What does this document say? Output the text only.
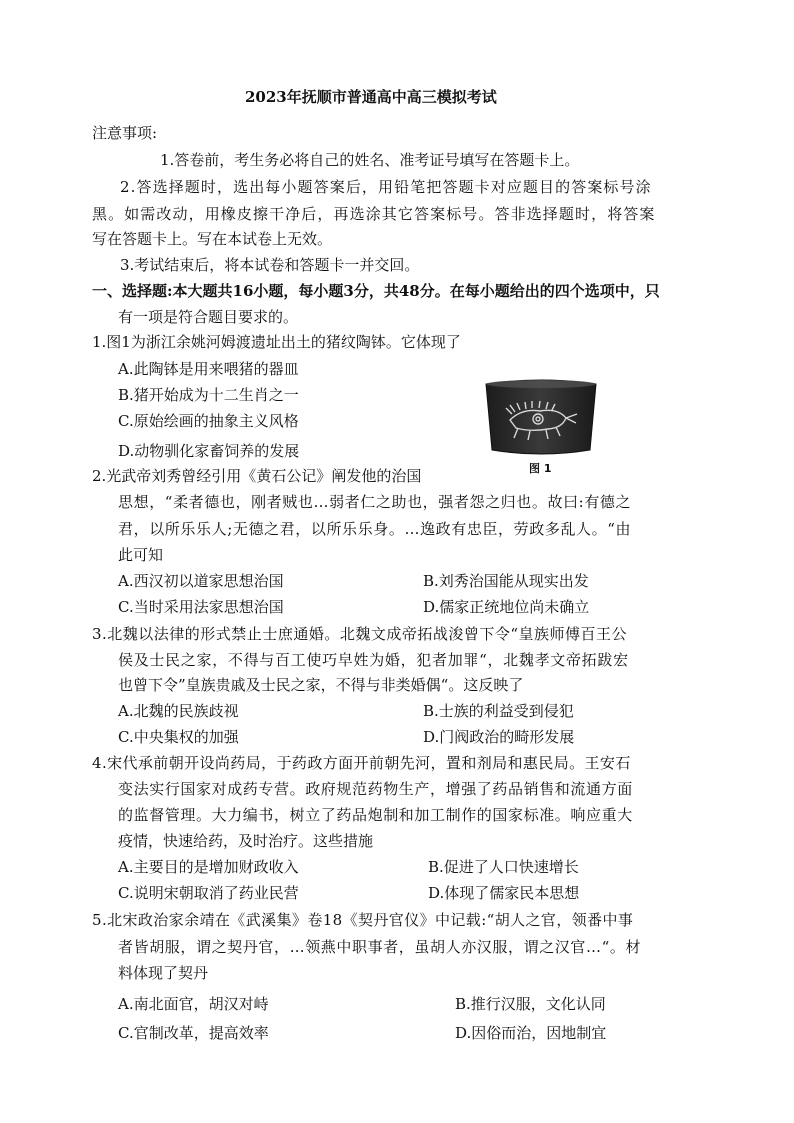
2023年抚顺市普通高中高三模拟考试
注意事项:
1.答卷前，考生务必将自己的姓名、准考证号填写在答题卡上。
2.答选择题时，选出每小题答案后，用铅笔把答题卡对应题目的答案标号涂
黑。如需改动，用橡皮擦干净后，再选涂其它答案标号。答非选择题时，将答案
写在答题卡上。写在本试卷上无效。
3.考试结束后，将本试卷和答题卡一并交回。
一、选择题:本大题共16小题，每小题3分，共48分。在每小题给出的四个选项中，只
有一项是符合题目要求的。
1.图1为浙江余姚河姆渡遗址出土的猪纹陶钵。它体现了
A.此陶钵是用来喂猪的器皿
B.猪开始成为十二生肖之一
C.原始绘画的抽象主义风格
D.动物驯化家畜饲养的发展
图 1
2.光武帝刘秀曾经引用《黄石公记》阐发他的治国
思想，“柔者德也，刚者贼也…弱者仁之助也，强者怨之归也。故曰:有德之
君，以所乐乐人;无德之君，以所乐乐身。…逸政有忠臣，劳政多乱人。“由
此可知
A.西汉初以道家思想治国	B.刘秀治国能从现实出发
C.当时采用法家思想治国	D.儒家正统地位尚未确立
3.北魏以法律的形式禁止士庶通婚。北魏文成帝拓战浚曾下令“皇族师傅百王公
侯及士民之家，不得与百工使巧皁姓为婚，犯者加罪“，北魏孝文帝拓跋宏
也曾下令”皇族贵戚及士民之家，不得与非类婚偶“。这反映了
A.北魏的民族歧视	B.士族的利益受到侵犯
C.中央集权的加强	D.门阀政治的畸形发展
4.宋代承前朝开设尚药局，于药政方面开前朝先河，置和剂局和惠民局。王安石
变法实行国家对成药专营。政府规范药物生产，增强了药品销售和流通方面
的监督管理。大力编书，树立了药品炮制和加工制作的国家标准。响应重大
疫情，快速给药，及时治疗。这些措施
A.主要目的是增加财政收入	B.促进了人口快速增长
C.说明宋朝取消了药业民营	D.体现了儒家民本思想
5.北宋政治家余靖在《武溪集》卷18《契丹官仪》中记载:“胡人之官，领番中事
者皆胡服，谓之契丹官，…领燕中职事者，虽胡人亦汉服，谓之汉官…“。材
料体现了契丹
A.南北面官，胡汉对峙	B.推行汉服，文化认同
C.官制改革，提高效率	D.因俗而治，因地制宜
